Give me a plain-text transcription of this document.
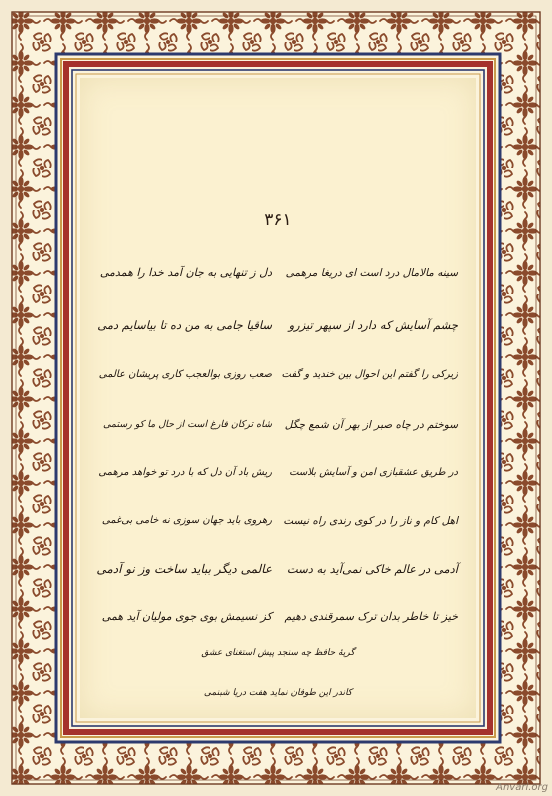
۳۶۱
سینه مالامال درد است ای دریغا مرهمی
دل ز تنهایی به جان آمد خدا را همدمی
چشم آسایش که دارد از سپهر تیزرو
ساقیا جامی به من ده تا بیاسایم دمی
زیرکی را گفتم این احوال بین خندید و گفت
صعب روزی بوالعجب کاری پریشان عالمی
سوختم در چاه صبر از بهر آن شمع چگل
شاه ترکان فارغ است از حال ما کو رستمی
در طریق عشقبازی امن و آسایش بلاست
ریش باد آن دل که با درد تو خواهد مرهمی
اهل کام و ناز را در کوی رندی راه نیست
رهروی باید جهان سوزی نه خامی بی‌غمی
آدمی در عالم خاکی نمی‌آید به دست
عالمی دیگر بباید ساخت وز نو آدمی
خیز تا خاطر بدان ترک سمرقندی دهیم
کز نسیمش بوی جوی مولیان آید همی
گریهٔ حافظ چه سنجد پیش استغنای عشق
کاندر این طوفان نماید هفت دریا شبنمی
Anvari.org
